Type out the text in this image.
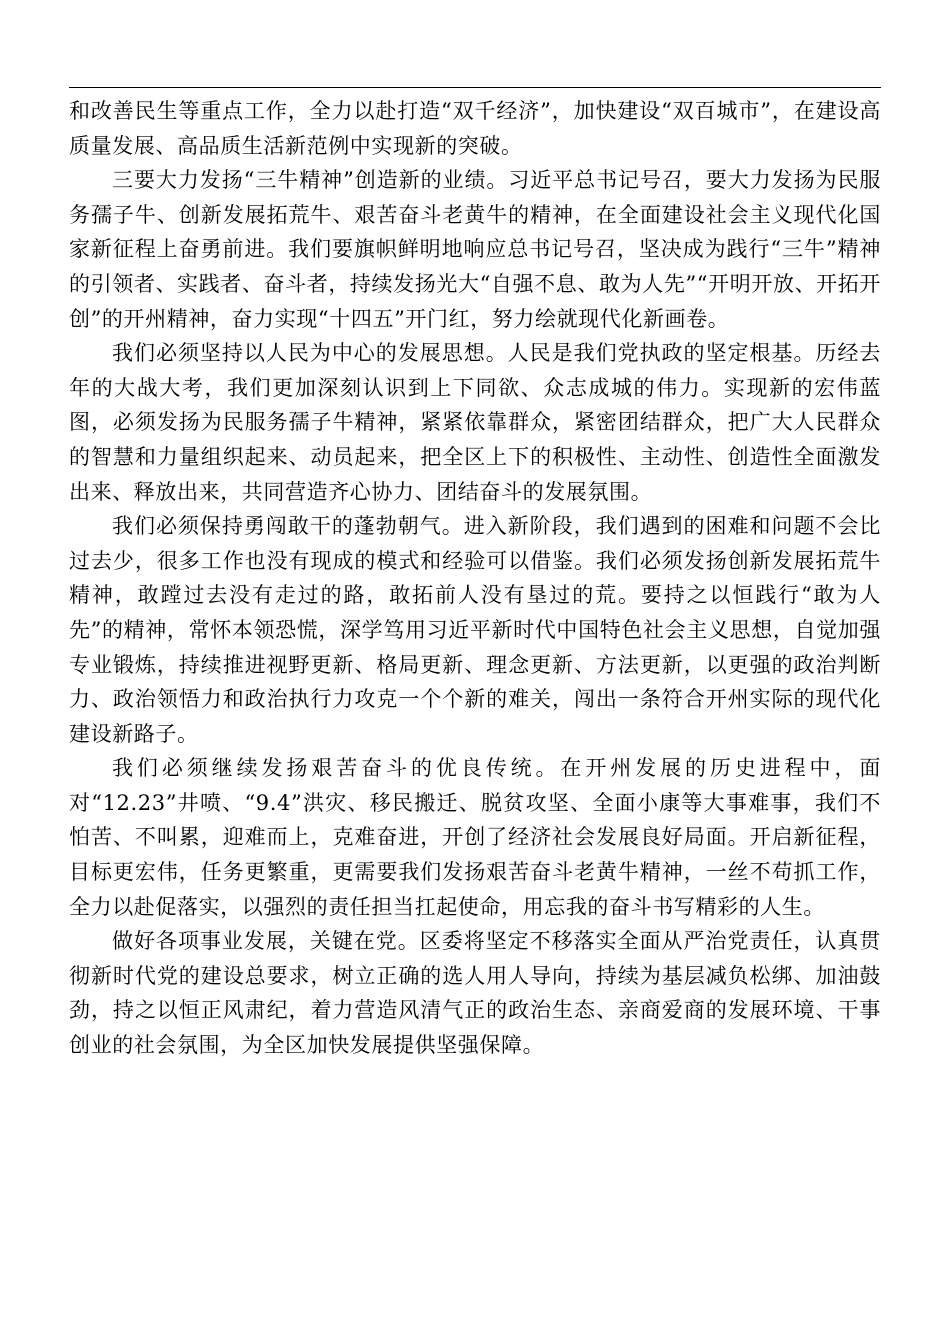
和改善民生等重点工作，全力以赴打造“双千经济”，加快建设“双百城市”，在建设高质量发展、高品质生活新范例中实现新的突破。

三要大力发扬“三牛精神”创造新的业绩。习近平总书记号召，要大力发扬为民服务孺子牛、创新发展拓荒牛、艰苦奋斗老黄牛的精神，在全面建设社会主义现代化国家新征程上奋勇前进。我们要旗帜鲜明地响应总书记号召，坚决成为践行“三牛”精神的引领者、实践者、奋斗者，持续发扬光大“自强不息、敢为人先”“开明开放、开拓开创”的开州精神，奋力实现“十四五”开门红，努力绘就现代化新画卷。

我们必须坚持以人民为中心的发展思想。人民是我们党执政的坚定根基。历经去年的大战大考，我们更加深刻认识到上下同欲、众志成城的伟力。实现新的宏伟蓝图，必须发扬为民服务孺子牛精神，紧紧依靠群众，紧密团结群众，把广大人民群众的智慧和力量组织起来、动员起来，把全区上下的积极性、主动性、创造性全面激发出来、释放出来，共同营造齐心协力、团结奋斗的发展氛围。

我们必须保持勇闯敢干的蓬勃朝气。进入新阶段，我们遇到的困难和问题不会比过去少，很多工作也没有现成的模式和经验可以借鉴。我们必须发扬创新发展拓荒牛精神，敢蹚过去没有走过的路，敢拓前人没有垦过的荒。要持之以恒践行“敢为人先”的精神，常怀本领恐慌，深学笃用习近平新时代中国特色社会主义思想，自觉加强专业锻炼，持续推进视野更新、格局更新、理念更新、方法更新，以更强的政治判断力、政治领悟力和政治执行力攻克一个个新的难关，闯出一条符合开州实际的现代化建设新路子。

我们必须继续发扬艰苦奋斗的优良传统。在开州发展的历史进程中，面对“12.23”井喷、“9.4”洪灾、移民搬迁、脱贫攻坚、全面小康等大事难事，我们不怕苦、不叫累，迎难而上，克难奋进，开创了经济社会发展良好局面。开启新征程，目标更宏伟，任务更繁重，更需要我们发扬艰苦奋斗老黄牛精神，一丝不苟抓工作，全力以赴促落实，以强烈的责任担当扛起使命，用忘我的奋斗书写精彩的人生。

做好各项事业发展，关键在党。区委将坚定不移落实全面从严治党责任，认真贯彻新时代党的建设总要求，树立正确的选人用人导向，持续为基层减负松绑、加油鼓劲，持之以恒正风肃纪，着力营造风清气正的政治生态、亲商爱商的发展环境、干事创业的社会氛围，为全区加快发展提供坚强保障。
